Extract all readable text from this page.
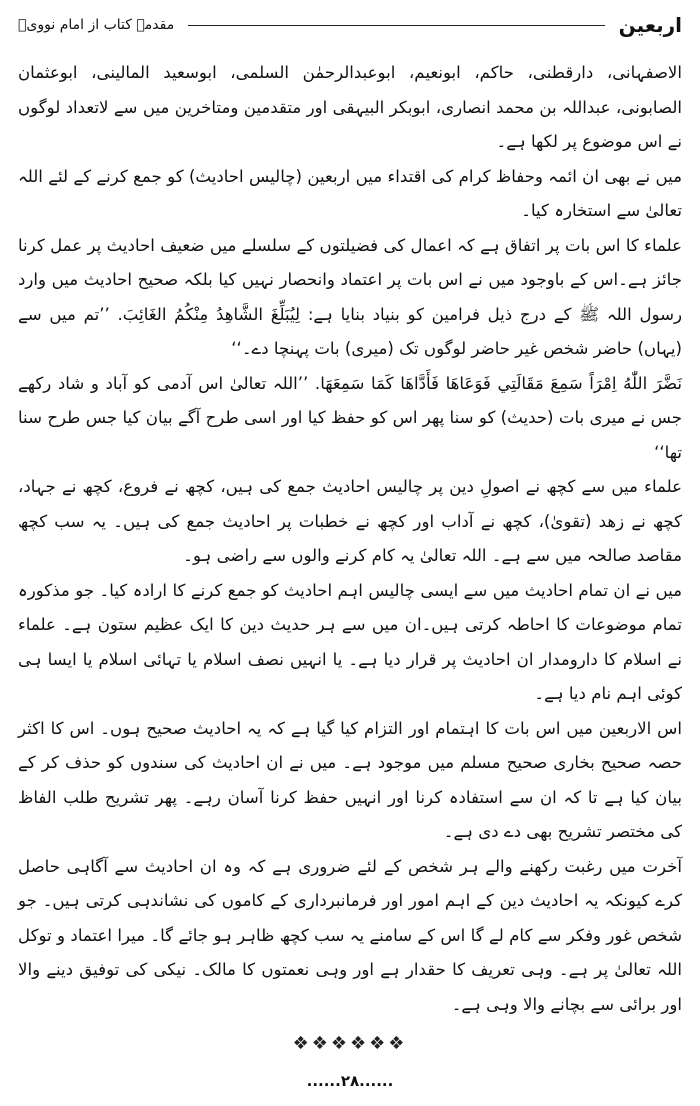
اربعین
مقدمۂ کتاب از امام نوویؒ

الاصفہانی، دارقطنی، حاکم، ابونعیم، ابوعبدالرحمٰن السلمی، ابوسعید المالینی، ابوعثمان الصابونی، عبداللہ بن محمد انصاری، ابوبکر البیہقی اور متقدمین ومتاخرین میں سے لاتعداد لوگوں نے اس موضوع پر لکھا ہے۔

میں نے بھی ان ائمہ وحفاظ کرام کی اقتداء میں اربعین (چالیس احادیث) کو جمع کرنے کے لئے اللہ تعالیٰ سے استخارہ کیا۔

علماء کا اس بات پر اتفاق ہے کہ اعمال کی فضیلتوں کے سلسلے میں ضعیف احادیث پر عمل کرنا جائز ہے۔اس کے باوجود میں نے اس بات پر اعتماد وانحصار نہیں کیا بلکہ صحیح احادیث میں وارد رسول اللہ ﷺ کے درج ذیل فرامین کو بنیاد بنایا ہے: لِيُبَلِّغَ الشَّاهِدُ مِنْكُمُ الغَائِبَ. ’’تم میں سے (یہاں) حاضر شخص غیر حاضر لوگوں تک (میری) بات پہنچا دے۔‘‘

نَضَّرَ اللّٰهُ اِمْرَاً سَمِعَ مَقَالَتِي فَوَعَاهَا فَأَدَّاهَا كَمَا سَمِعَهَا. ’’اللہ تعالیٰ اس آدمی کو آباد و شاد رکھے جس نے میری بات (حدیث) کو سنا پھر اس کو حفظ کیا اور اسی طرح آگے بیان کیا جس طرح سنا تھا‘‘

علماء میں سے کچھ نے اصولِ دین پر چالیس احادیث جمع کی ہیں، کچھ نے فروع، کچھ نے جہاد، کچھ نے زھد (تقویٰ)، کچھ نے آداب اور کچھ نے خطبات پر احادیث جمع کی ہیں۔ یہ سب کچھ مقاصد صالحہ میں سے ہے۔ اللہ تعالیٰ یہ کام کرنے والوں سے راضی ہو۔

میں نے ان تمام احادیث میں سے ایسی چالیس اہم احادیث کو جمع کرنے کا ارادہ کیا۔ جو مذکورہ تمام موضوعات کا احاطہ کرتی ہیں۔ان میں سے ہر حدیث دین کا ایک عظیم ستون ہے۔ علماء نے اسلام کا دارومدار ان احادیث پر قرار دیا ہے۔ یا انہیں نصف اسلام یا تہائی اسلام یا ایسا ہی کوئی اہم نام دیا ہے۔

اس الاربعین میں اس بات کا اہتمام اور التزام کیا گیا ہے کہ یہ احادیث صحیح ہوں۔ اس کا اکثر حصہ صحیح بخاری صحیح مسلم میں موجود ہے۔ میں نے ان احادیث کی سندوں کو حذف کر کے بیان کیا ہے تا کہ ان سے استفادہ کرنا اور انہیں حفظ کرنا آسان رہے۔ پھر تشریح طلب الفاظ کی مختصر تشریح بھی دے دی ہے۔

آخرت میں رغبت رکھنے والے ہر شخص کے لئے ضروری ہے کہ وہ ان احادیث سے آگاہی حاصل کرے کیونکہ یہ احادیث دین کے اہم امور اور فرمانبرداری کے کاموں کی نشاندہی کرتی ہیں۔ جو شخص غور وفکر سے کام لے گا اس کے سامنے یہ سب کچھ ظاہر ہو جائے گا۔ میرا اعتماد و توکل اللہ تعالیٰ پر ہے۔ وہی تعریف کا حقدار ہے اور وہی نعمتوں کا مالک۔ نیکی کی توفیق دینے والا اور برائی سے بچانے والا وہی ہے۔

❖❖❖❖❖❖
......۲۸......
